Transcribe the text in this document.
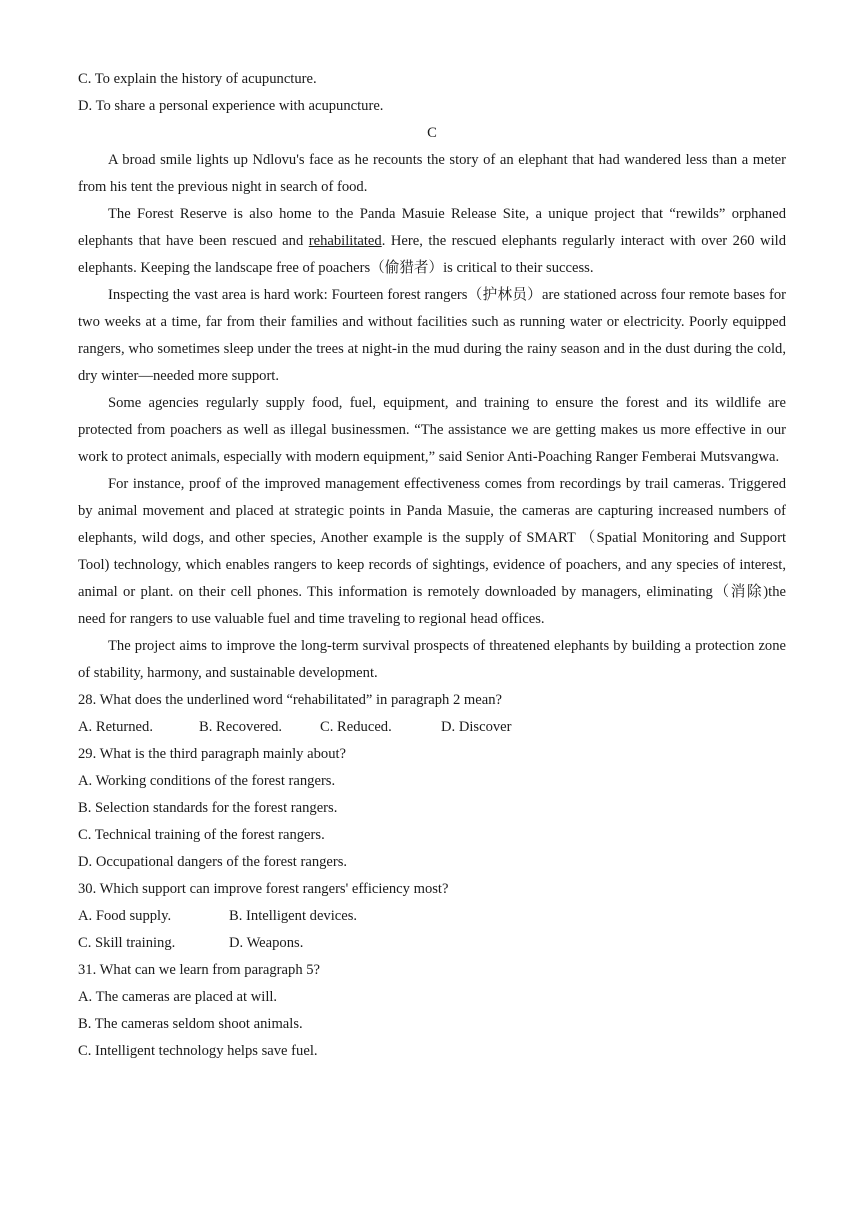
C. To explain the history of acupuncture.
D. To share a personal experience with acupuncture.
C

A broad smile lights up Ndlovu's face as he recounts the story of an elephant that had wandered less than a meter from his tent the previous night in search of food.

The Forest Reserve is also home to the Panda Masuie Release Site, a unique project that “rewilds” orphaned elephants that have been rescued and rehabilitated. Here, the rescued elephants regularly interact with over 260 wild elephants. Keeping the landscape free of poachers（偷猎者）is critical to their success.

Inspecting the vast area is hard work: Fourteen forest rangers（护林员）are stationed across four remote bases for two weeks at a time, far from their families and without facilities such as running water or electricity. Poorly equipped rangers, who sometimes sleep under the trees at night-in the mud during the rainy season and in the dust during the cold, dry winter—needed more support.

Some agencies regularly supply food, fuel, equipment, and training to ensure the forest and its wildlife are protected from poachers as well as illegal businessmen. “The assistance we are getting makes us more effective in our work to protect animals, especially with modern equipment,” said Senior Anti-Poaching Ranger Femberai Mutsvangwa.

For instance, proof of the improved management effectiveness comes from recordings by trail cameras. Triggered by animal movement and placed at strategic points in Panda Masuie, the cameras are capturing increased numbers of elephants, wild dogs, and other species, Another example is the supply of SMART （Spatial Monitoring and Support Tool) technology, which enables rangers to keep records of sightings, evidence of poachers, and any species of interest, animal or plant. on their cell phones. This information is remotely downloaded by managers, eliminating（消除)the need for rangers to use valuable fuel and time traveling to regional head offices.

The project aims to improve the long-term survival prospects of threatened elephants by building a protection zone of stability, harmony, and sustainable development.

28. What does the underlined word “rehabilitated” in paragraph 2 mean?
A. Returned.	B. Recovered.	C. Reduced.	D. Discover
29. What is the third paragraph mainly about?
A. Working conditions of the forest rangers.
B. Selection standards for the forest rangers.
C. Technical training of the forest rangers.
D. Occupational dangers of the forest rangers.
30. Which support can improve forest rangers' efficiency most?
A. Food supply.	B. Intelligent devices.
C. Skill training.	D. Weapons.
31. What can we learn from paragraph 5?
A. The cameras are placed at will.
B. The cameras seldom shoot animals.
C. Intelligent technology helps save fuel.
